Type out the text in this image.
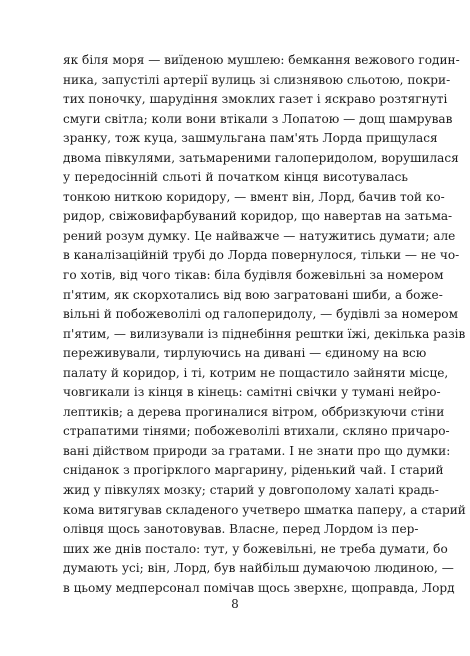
як біля моря — виїденою мушлею: бемкання вежового годин-
ника, запустілі артерії вулиць зі слизнявою сльотою, покри-
тих поночку, шарудіння змоклих газет і яскраво розтягнуті
смуги світла; коли вони втікали з Лопатою — дощ шамрував
зранку, тож куца, зашмульгана пам'ять Лорда прищулася
двома півкулями, затьмареними галоперидолом, ворушилася
у передосінній сльоті й початком кінця висотувалась
тонкою ниткою коридору, — вмент він, Лорд, бачив той ко-
ридор, свіжовифарбуваний коридор, що навертав на затьма-
рений розум думку. Це найважче — натужитись думати; але
в каналізаційній трубі до Лорда повернулося, тільки — не чо-
го хотів, від чого тікав: біла будівля божевільні за номером
п'ятим, як скорхотались від вою загратовані шиби, а боже-
вільні й побожеволілі од галоперидолу, — будівлі за номером
п'ятим, — вилизували із піднебіння рештки їжі, декілька разів
переживували, тирлуючись на дивані — єдиному на всю
палату й коридор, і ті, котрим не пощастило зайняти місце,
човгикали із кінця в кінець: самітні свічки у тумані нейро-
лептиків; а дерева прогиналися вітром, оббризкуючи стіни
страпатими тінями; побожеволілі втихали, скляно причаро-
вані дійством природи за гратами. І не знати про що думки:
сніданок з прогірклого маргарину, ріденький чай. І старий
жид у півкулях мозку; старий у довгополому халаті крадь-
кома витягував складеного учетверо шматка паперу, а старий
олівця щось занотовував. Власне, перед Лордом із пер-
ших же днів постало: тут, у божевільні, не треба думати, бо
думають усі; він, Лорд, був найбільш думаючою людиною, —
в цьому медперсонал помічав щось зверхнє, щоправда, Лорд
8
